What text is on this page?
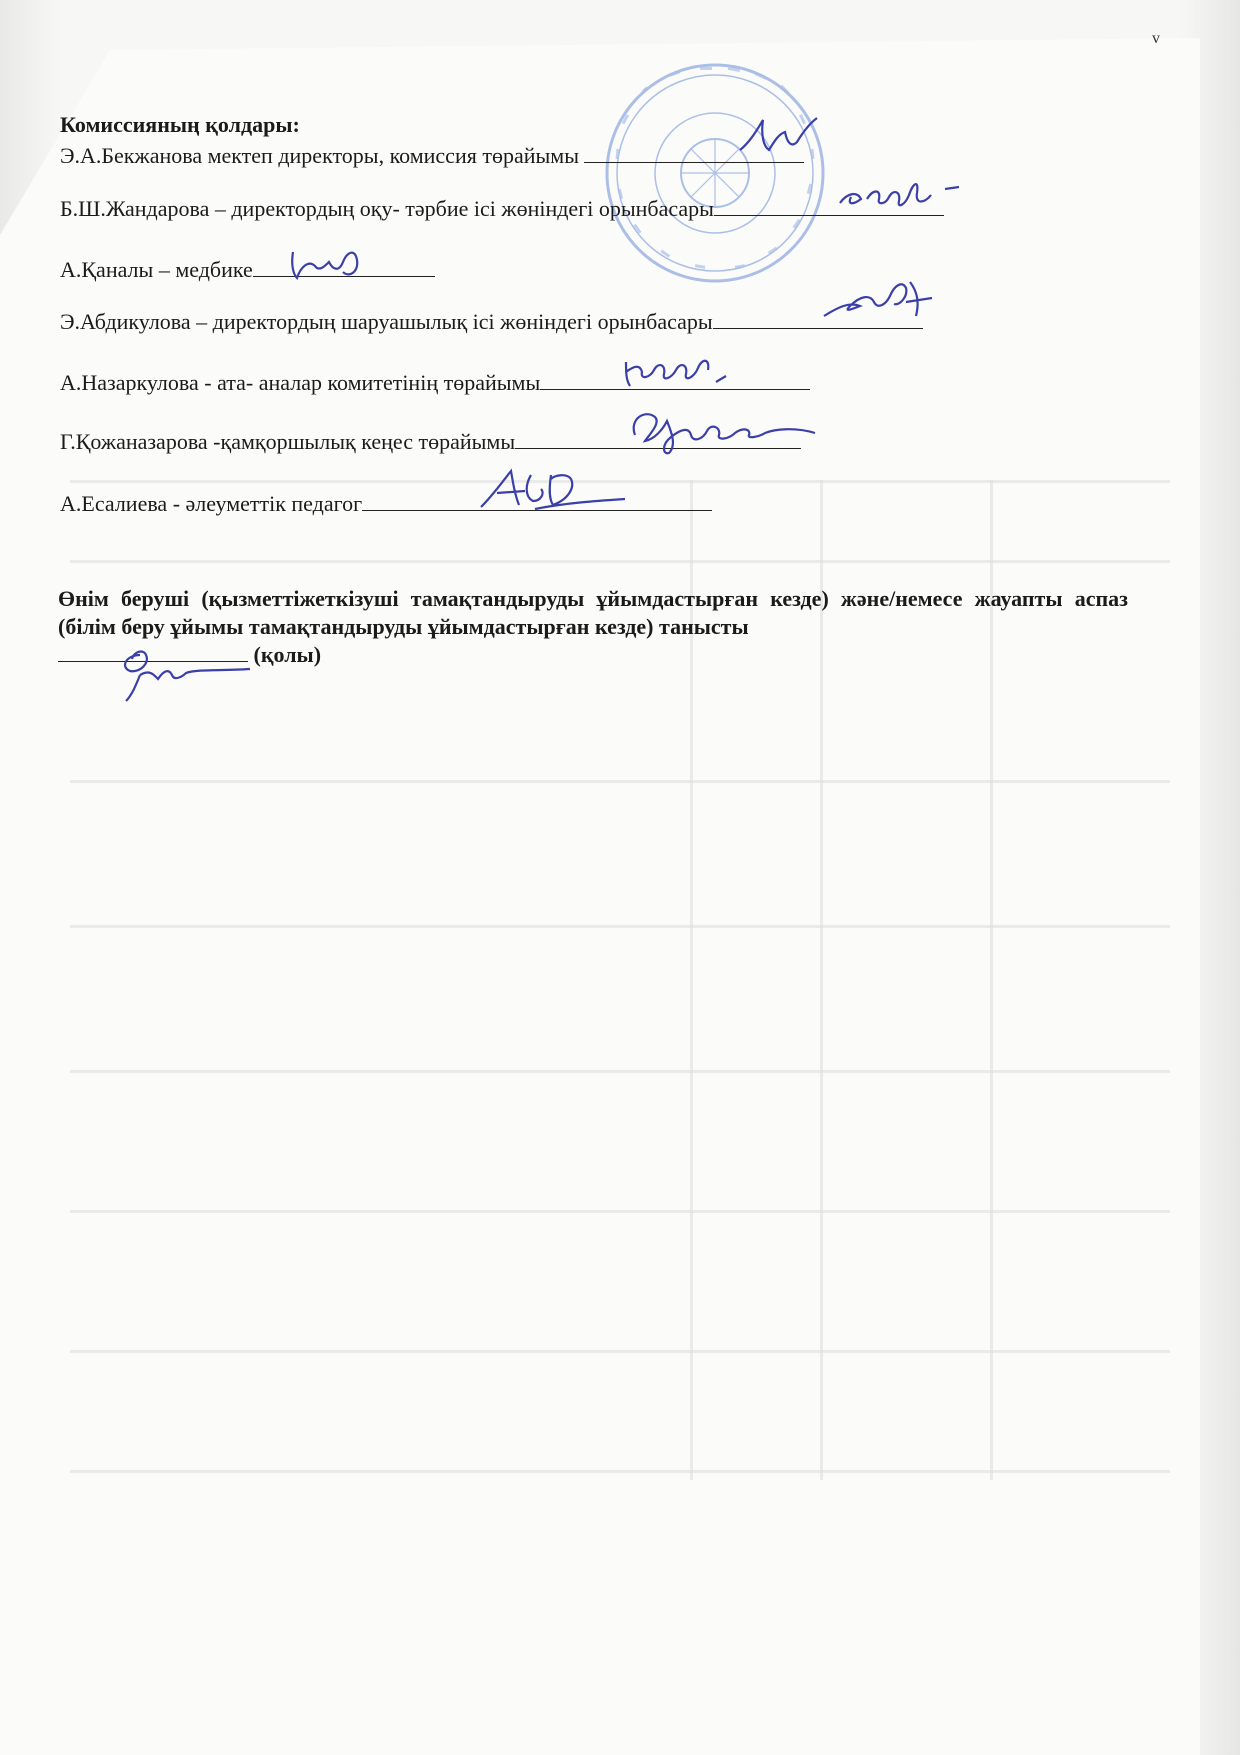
v
Комиссияның қолдары:
Э.А.Бекжанова мектеп директоры, комиссия төрайымы
Б.Ш.Жандарова – директордың оқу- тәрбие ісі жөніндегі орынбасары
А.Қаналы – медбике
Э.Абдикулова – директордың шаруашылық ісі жөніндегі орынбасары
А.Назаркулова - ата- аналар комитетінің төрайымы
Г.Қожаназарова -қамқоршылық кеңес төрайымы
А.Есалиева - әлеуметтік педагог
Өнім беруші (қызметтіжеткізуші тамақтандыруды ұйымдастырған кезде) және/немесе жауапты аспаз (білім беру ұйымы тамақтандыруды ұйымдастырған кезде) танысты
(қолы)
